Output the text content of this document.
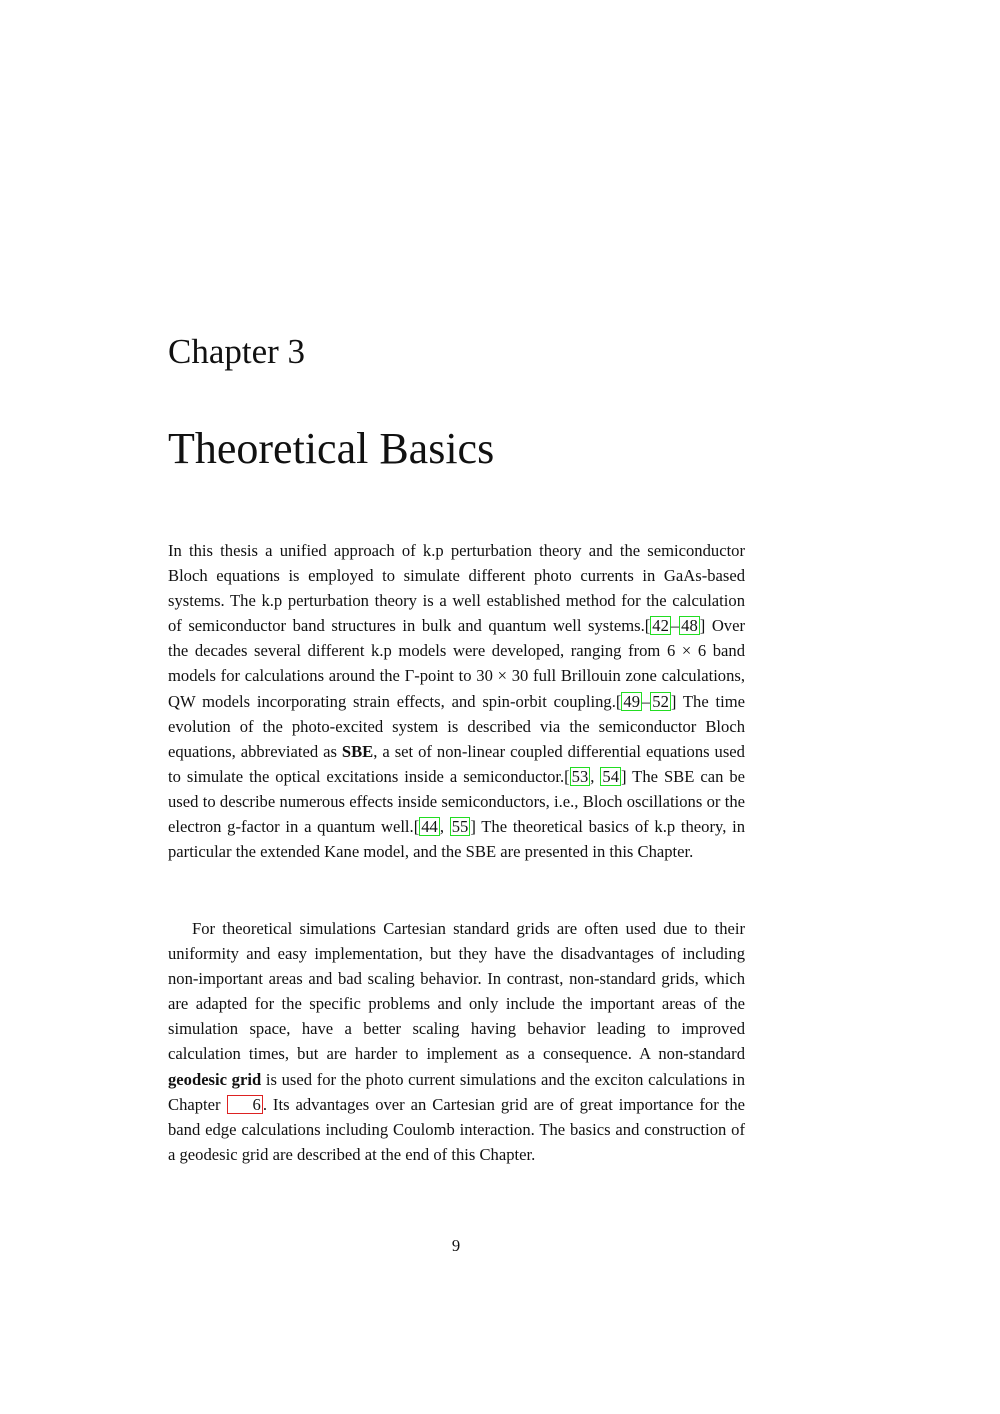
Chapter 3
Theoretical Basics

In this thesis a unified approach of k.p perturbation theory and the semiconductor Bloch equations is employed to simulate different photo currents in GaAs-based systems. The k.p perturbation theory is a well established method for the calculation of semiconductor band structures in bulk and quantum well systems.[ 42 – 48 ] Over the decades several different k.p models were developed, ranging from 6 × 6 band models for calculations around the Γ-point to 30 × 30 full Brillouin zone calculations, QW models incorporating strain effects, and spin-orbit coupling.[ 49 – 52 ] The time evolution of the photo-excited system is described via the semiconductor Bloch equations, abbreviated as SBE, a set of non-linear coupled differential equations used to simulate the optical excitations inside a semiconductor.[ 53 , 54 ] The SBE can be used to describe numerous effects inside semiconductors, i.e., Bloch oscillations or the electron g-factor in a quantum well.[ 44 , 55 ] The theoretical basics of k.p theory, in particular the extended Kane model, and the SBE are presented in this Chapter.

For theoretical simulations Cartesian standard grids are often used due to their uniformity and easy implementation, but they have the disadvantages of including non-important areas and bad scaling behavior. In contrast, non-standard grids, which are adapted for the specific problems and only include the important areas of the simulation space, have a better scaling having behavior leading to improved calculation times, but are harder to implement as a consequence. A non-standard geodesic grid is used for the photo current simulations and the exciton calculations in Chapter 6 . Its advantages over an Cartesian grid are of great importance for the band edge calculations including Coulomb interaction. The basics and construction of a geodesic grid are described at the end of this Chapter.

9
